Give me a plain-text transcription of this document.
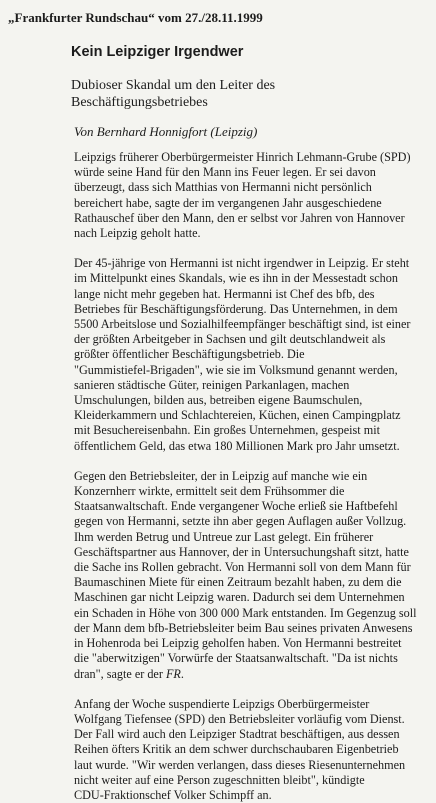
„Frankfurter Rundschau“ vom 27./28.11.1999
Kein Leipziger Irgendwer
Dubioser Skandal um den Leiter des
Beschäftigungsbetriebes
Von Bernhard Honnigfort (Leipzig)

Leipzigs früherer Oberbürgermeister Hinrich Lehmann-Grube (SPD)
würde seine Hand für den Mann ins Feuer legen. Er sei davon
überzeugt, dass sich Matthias von Hermanni nicht persönlich
bereichert habe, sagte der im vergangenen Jahr ausgeschiedene
Rathauschef über den Mann, den er selbst vor Jahren von Hannover
nach Leipzig geholt hatte.

Der 45-jährige von Hermanni ist nicht irgendwer in Leipzig. Er steht
im Mittelpunkt eines Skandals, wie es ihn in der Messestadt schon
lange nicht mehr gegeben hat. Hermanni ist Chef des bfb, des
Betriebes für Beschäftigungsförderung. Das Unternehmen, in dem
5500 Arbeitslose und Sozialhilfeempfänger beschäftigt sind, ist einer
der größten Arbeitgeber in Sachsen und gilt deutschlandweit als
größter öffentlicher Beschäftigungsbetrieb. Die
"Gummistiefel-Brigaden", wie sie im Volksmund genannt werden,
sanieren städtische Güter, reinigen Parkanlagen, machen
Umschulungen, bilden aus, betreiben eigene Baumschulen,
Kleiderkammern und Schlachtereien, Küchen, einen Campingplatz
mit Besuchereisenbahn. Ein großes Unternehmen, gespeist mit
öffentlichem Geld, das etwa 180 Millionen Mark pro Jahr umsetzt.

Gegen den Betriebsleiter, der in Leipzig auf manche wie ein
Konzernherr wirkte, ermittelt seit dem Frühsommer die
Staatsanwaltschaft. Ende vergangener Woche erließ sie Haftbefehl
gegen von Hermanni, setzte ihn aber gegen Auflagen außer Vollzug.
Ihm werden Betrug und Untreue zur Last gelegt. Ein früherer
Geschäftspartner aus Hannover, der in Untersuchungshaft sitzt, hatte
die Sache ins Rollen gebracht. Von Hermanni soll von dem Mann für
Baumaschinen Miete für einen Zeitraum bezahlt haben, zu dem die
Maschinen gar nicht Leipzig waren. Dadurch sei dem Unternehmen
ein Schaden in Höhe von 300 000 Mark entstanden. Im Gegenzug soll
der Mann dem bfb-Betriebsleiter beim Bau seines privaten Anwesens
in Hohenroda bei Leipzig geholfen haben. Von Hermanni bestreitet
die "aberwitzigen" Vorwürfe der Staatsanwaltschaft. "Da ist nichts
dran", sagte er der FR.

Anfang der Woche suspendierte Leipzigs Oberbürgermeister
Wolfgang Tiefensee (SPD) den Betriebsleiter vorläufig vom Dienst.
Der Fall wird auch den Leipziger Stadtrat beschäftigen, aus dessen
Reihen öfters Kritik an dem schwer durchschaubaren Eigenbetrieb
laut wurde. "Wir werden verlangen, dass dieses Riesenunternehmen
nicht weiter auf eine Person zugeschnitten bleibt", kündigte
CDU-Fraktionschef Volker Schimpff an.
